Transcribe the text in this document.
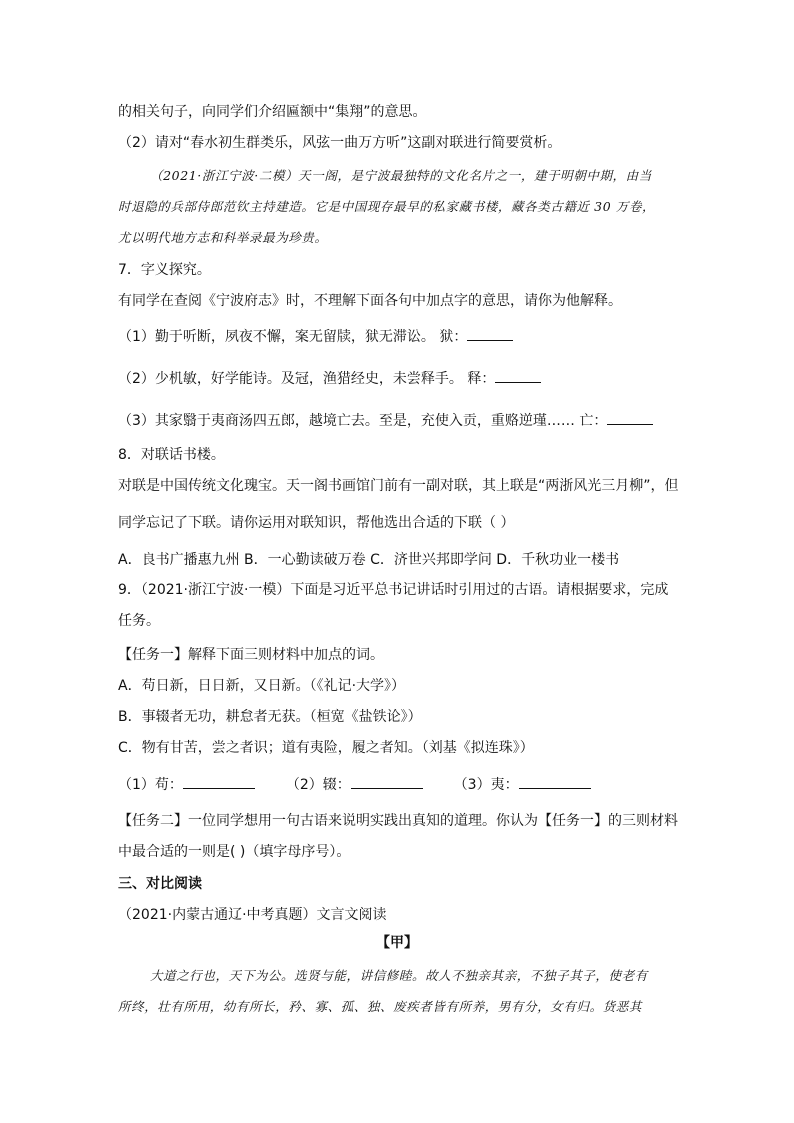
的相关句子，向同学们介绍匾额中“集翔”的意思。
（2）请对“春水初生群类乐，风弦一曲万方听”这副对联进行简要赏析。
（2021·浙江宁波·二模）天一阁，是宁波最独特的文化名片之一，建于明朝中期，由当
时退隐的兵部侍郎范钦主持建造。它是中国现存最早的私家藏书楼，藏各类古籍近 30 万卷，
尤以明代地方志和科举录最为珍贵。
7．字义探究。
有同学在查阅《宁波府志》时，不理解下面各句中加点字的意思，请你为他解释。
（1）勤于听断，夙夜不懈，案无留牍，狱无滞讼。 狱：
（2）少机敏，好学能诗。及冠，渔猎经史，未尝释手。 释：
（3）其家翳于夷商汤四五郎，越境亡去。至是，充使入贡，重赂逆瑾…… 亡：
8．对联话书楼。
对联是中国传统文化瑰宝。天一阁书画馆门前有一副对联，其上联是“两浙风光三月柳”，但
同学忘记了下联。请你运用对联知识，帮他选出合适的下联（ ）
A．良书广播惠九州 B．一心勤读破万卷 C．济世兴邦即学问 D．千秋功业一楼书
9．（2021·浙江宁波·一模）下面是习近平总书记讲话时引用过的古语。请根据要求，完成
任务。
【任务一】解释下面三则材料中加点的词。
A．苟日新，日日新，又日新。（《礼记·大学》）
B．事辍者无功，耕怠者无获。（桓宽《盐铁论》）
C．物有甘苦，尝之者识；道有夷险，履之者知。（刘基《拟连珠》）
（1）苟：	（2）辍：	（3）夷：
【任务二】一位同学想用一句古语来说明实践出真知的道理。你认为【任务一】的三则材料
中最合适的一则是( )（填字母序号）。
三、对比阅读
（2021·内蒙古通辽·中考真题）文言文阅读
【甲】
大道之行也，天下为公。选贤与能，讲信修睦。故人不独亲其亲，不独子其子，使老有
所终，壮有所用，幼有所长，矜、寡、孤、独、废疾者皆有所养，男有分，女有归。货恶其
